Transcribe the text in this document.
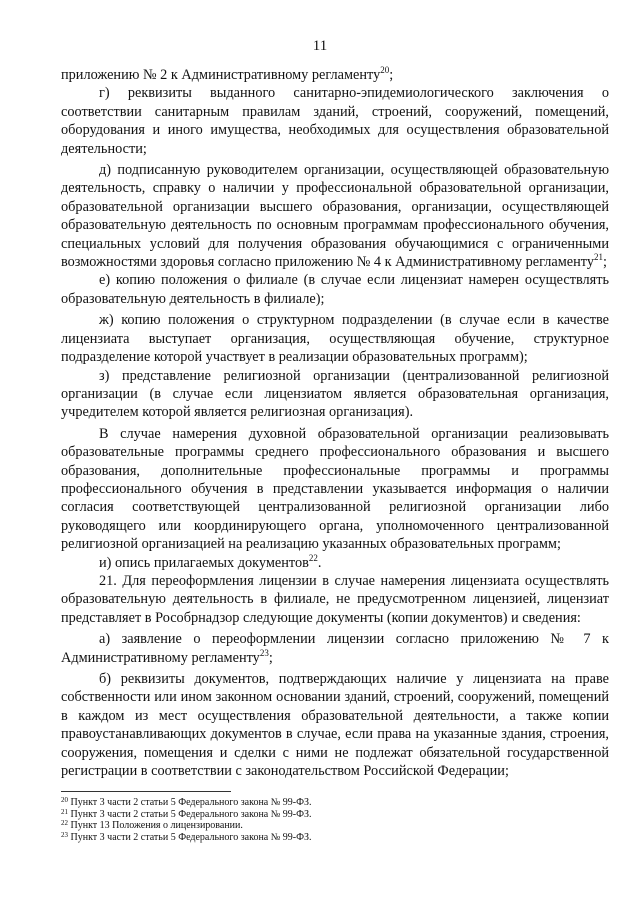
11

приложению № 2 к Административному регламенту$^{20}$;

г) реквизиты выданного санитарно-эпидемиологического заключения о соответствии санитарным правилам зданий, строений, сооружений, помещений, оборудования и иного имущества, необходимых для осуществления образовательной деятельности;

д) подписанную руководителем организации, осуществляющей образовательную деятельность, справку о наличии у профессиональной образовательной организации, образовательной организации высшего образования, организации, осуществляющей образовательную деятельность по основным программам профессионального обучения, специальных условий для получения образования обучающимися с ограниченными возможностями здоровья согласно приложению № 4 к Административному регламенту$^{21}$;

е) копию положения о филиале (в случае если лицензиат намерен осуществлять образовательную деятельность в филиале);

ж) копию положения о структурном подразделении (в случае если в качестве лицензиата выступает организация, осуществляющая обучение, структурное подразделение которой участвует в реализации образовательных программ);

з) представление религиозной организации (централизованной религиозной организации (в случае если лицензиатом является образовательная организация, учредителем которой является религиозная организация).

В случае намерения духовной образовательной организации реализовывать образовательные программы среднего профессионального образования и высшего образования, дополнительные профессиональные программы и программы профессионального обучения в представлении указывается информация о наличии согласия соответствующей централизованной религиозной организации либо руководящего или координирующего органа, уполномоченного централизованной религиозной организацией на реализацию указанных образовательных программ;

и) опись прилагаемых документов$^{22}$.

21. Для переоформления лицензии в случае намерения лицензиата осуществлять образовательную деятельность в филиале, не предусмотренном лицензией, лицензиат представляет в Рособрнадзор следующие документы (копии документов) и сведения:

а) заявление о переоформлении лицензии согласно приложению № 7 к Административному регламенту$^{23}$;

б) реквизиты документов, подтверждающих наличие у лицензиата на праве собственности или ином законном основании зданий, строений, сооружений, помещений в каждом из мест осуществления образовательной деятельности, а также копии правоустанавливающих документов в случае, если права на указанные здания, строения, сооружения, помещения и сделки с ними не подлежат обязательной государственной регистрации в соответствии с законодательством Российской Федерации;

$^{20}$ Пункт 3 части 2 статьи 5 Федерального закона № 99-ФЗ.

$^{21}$ Пункт 3 части 2 статьи 5 Федерального закона № 99-ФЗ.

$^{22}$ Пункт 13 Положения о лицензировании.

$^{23}$ Пункт 3 части 2 статьи 5 Федерального закона № 99-ФЗ.
